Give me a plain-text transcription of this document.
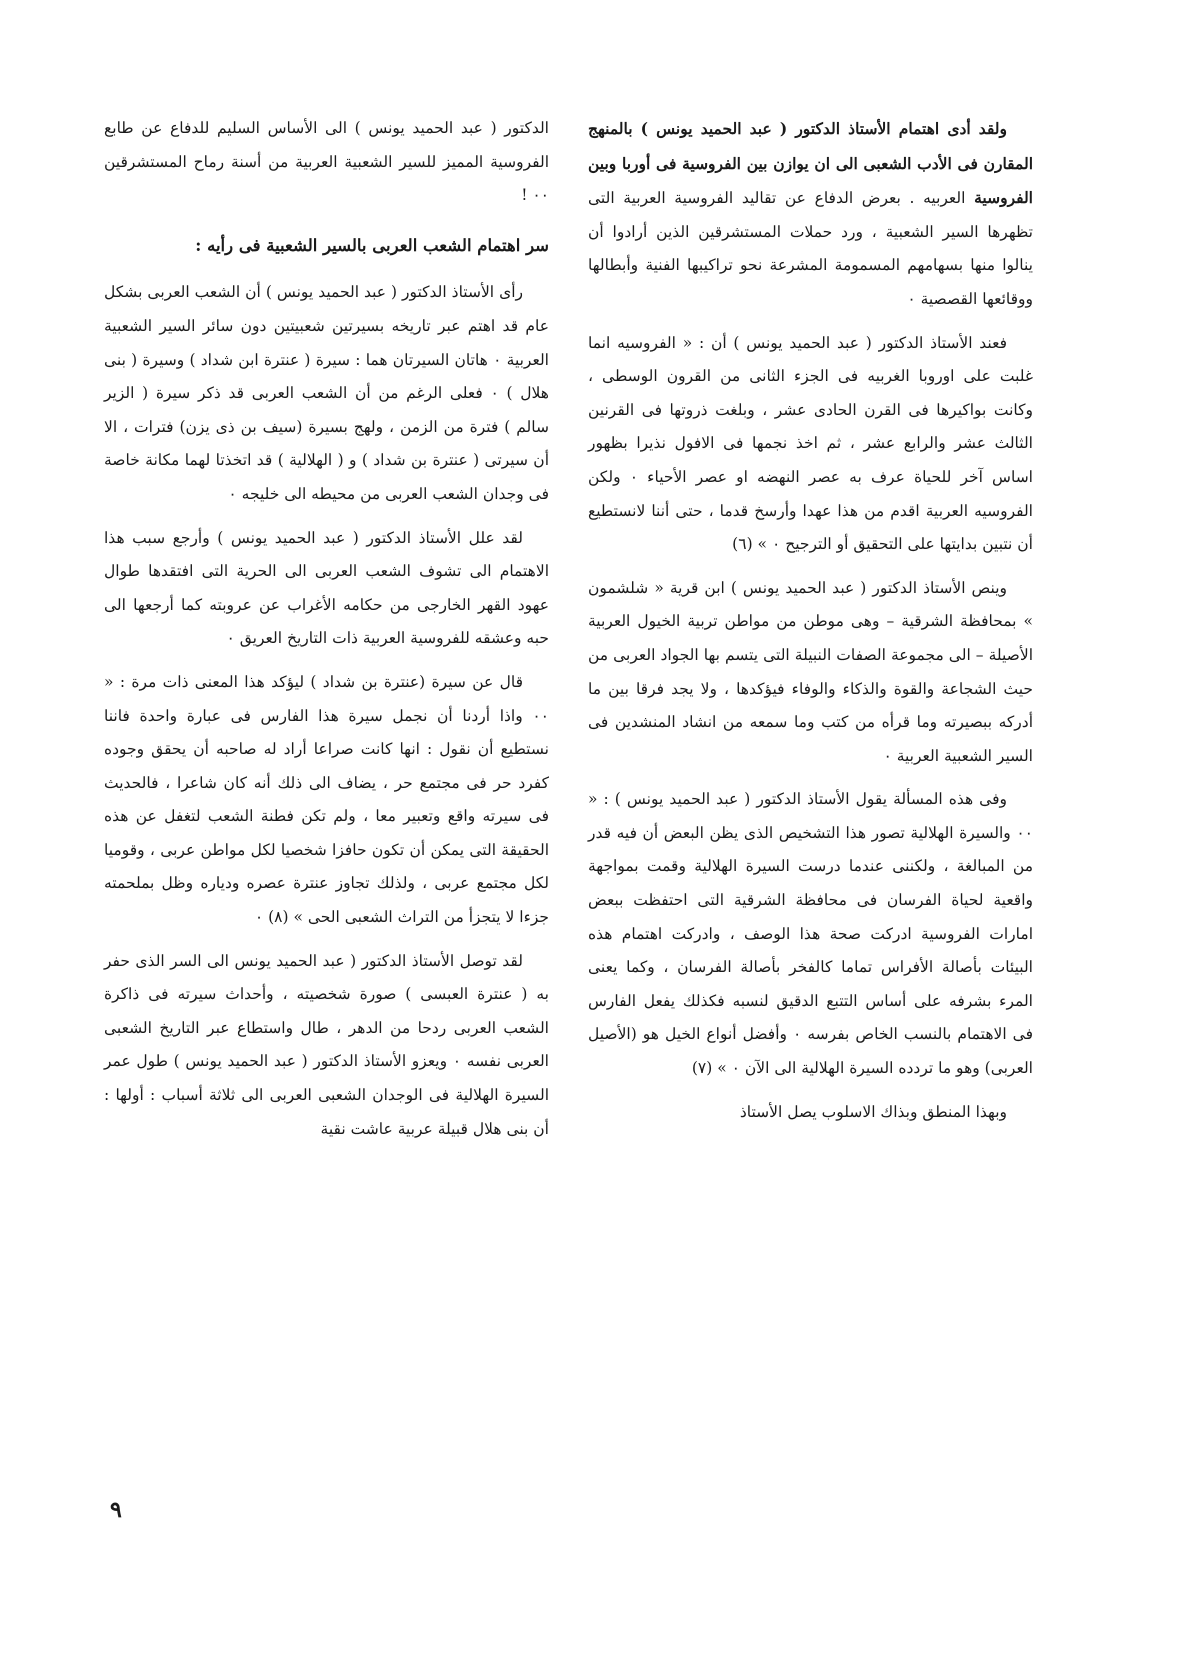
ولقد أدى اهتمام الأستاذ الدكتور ( عبد الحميد يونس ) بالمنهج المقارن فى الأدب الشعبى الى ان يوازن بين الفروسية فى أوربا وبين الفروسية العربيه . بعرض الدفاع عن تقاليد الفروسية العربية التى تظهرها السير الشعبية ، ورد حملات المستشرقين الذين أرادوا أن ينالوا منها بسهامهم المسمومة المشرعة نحو تراكيبها الفنية وأبطالها ووقائعها القصصية ٠

فعند الأستاذ الدكتور ( عبد الحميد يونس ) أن : « الفروسيه انما غلبت على اوروبا الغربيه فى الجزء الثانى من القرون الوسطى ، وكانت بواكيرها فى القرن الحادى عشر ، وبلغت ذروتها فى القرنين الثالث عشر والرابع عشر ، ثم اخذ نجمها فى الافول نذيرا بظهور اساس آخر للحياة عرف به عصر النهضه او عصر الأحياء ٠ ولكن الفروسيه العربية اقدم من هذا عهدا وأرسخ قدما ، حتى أننا لانستطيع أن نتبين بدايتها على التحقيق أو الترجيح ٠ » (٦)

وينص الأستاذ الدكتور ( عبد الحميد يونس ) ابن قرية « شلشمون » بمحافظة الشرقية – وهى موطن من مواطن تربية الخيول العربية الأصيلة – الى مجموعة الصفات النبيلة التى يتسم بها الجواد العربى من حيث الشجاعة والقوة والذكاء والوفاء فيؤكدها ، ولا يجد فرقا بين ما أدركه ببصيرته وما قرأه من كتب وما سمعه من انشاد المنشدين فى السير الشعبية العربية ٠

وفى هذه المسألة يقول الأستاذ الدكتور ( عبد الحميد يونس ) : « ٠٠ والسيرة الهلالية تصور هذا التشخيص الذى يظن البعض أن فيه قدر من المبالغة ، ولكننى عندما درست السيرة الهلالية وقمت بمواجهة واقعية لحياة الفرسان فى محافظة الشرقية التى احتفظت ببعض امارات الفروسية ادركت صحة هذا الوصف ، وادركت اهتمام هذه البيئات بأصالة الأفراس تماما كالفخر بأصالة الفرسان ، وكما يعنى المرء بشرفه على أساس التتبع الدقيق لنسبه فكذلك يفعل الفارس فى الاهتمام بالنسب الخاص بفرسه ٠ وأفضل أنواع الخيل هو (الأصيل العربى) وهو ما تردده السيرة الهلالية الى الآن ٠ » (٧)

وبهذا المنطق وبذاك الاسلوب يصل الأستاذ

الدكتور ( عبد الحميد يونس ) الى الأساس السليم للدفاع عن طابع الفروسية المميز للسير الشعبية العربية من أسنة رماح المستشرقين ٠٠ !

سر اهتمام الشعب العربى بالسير الشعبية فى رأيه :

رأى الأستاذ الدكتور ( عبد الحميد يونس ) أن الشعب العربى بشكل عام قد اهتم عبر تاريخه بسيرتين شعبيتين دون سائر السير الشعبية العربية ٠ هاتان السيرتان هما : سيرة ( عنترة ابن شداد ) وسيرة ( بنى هلال ) ٠ فعلى الرغم من أن الشعب العربى قد ذكر سيرة ( الزير سالم ) فترة من الزمن ، ولهج بسيرة (سيف بن ذى يزن) فترات ، الا أن سيرتى ( عنترة بن شداد ) و ( الهلالية ) قد اتخذتا لهما مكانة خاصة فى وجدان الشعب العربى من محيطه الى خليجه ٠

لقد علل الأستاذ الدكتور ( عبد الحميد يونس ) وأرجع سبب هذا الاهتمام الى تشوف الشعب العربى الى الحرية التى افتقدها طوال عهود القهر الخارجى من حكامه الأغراب عن عروبته كما أرجعها الى حبه وعشقه للفروسية العربية ذات التاريخ العريق ٠

قال عن سيرة (عنترة بن شداد ) ليؤكد هذا المعنى ذات مرة : « ٠٠ واذا أردنا أن نجمل سيرة هذا الفارس فى عبارة واحدة فاننا نستطيع أن نقول : انها كانت صراعا أراد له صاحبه أن يحقق وجوده كفرد حر فى مجتمع حر ، يضاف الى ذلك أنه كان شاعرا ، فالحديث فى سيرته واقع وتعبير معا ، ولم تكن فطنة الشعب لتغفل عن هذه الحقيقة التى يمكن أن تكون حافزا شخصيا لكل مواطن عربى ، وقوميا لكل مجتمع عربى ، ولذلك تجاوز عنترة عصره ودياره وظل بملحمته جزءا لا يتجزأ من التراث الشعبى الحى » (٨) ٠

لقد توصل الأستاذ الدكتور ( عبد الحميد يونس الى السر الذى حفر به ( عنترة العبسى ) صورة شخصيته ، وأحداث سيرته فى ذاكرة الشعب العربى ردحا من الدهر ، طال واستطاع عبر التاريخ الشعبى العربى نفسه ٠ ويعزو الأستاذ الدكتور ( عبد الحميد يونس ) طول عمر السيرة الهلالية فى الوجدان الشعبى العربى الى ثلاثة أسباب : أولها : أن بنى هلال قبيلة عربية عاشت نقية

٩
